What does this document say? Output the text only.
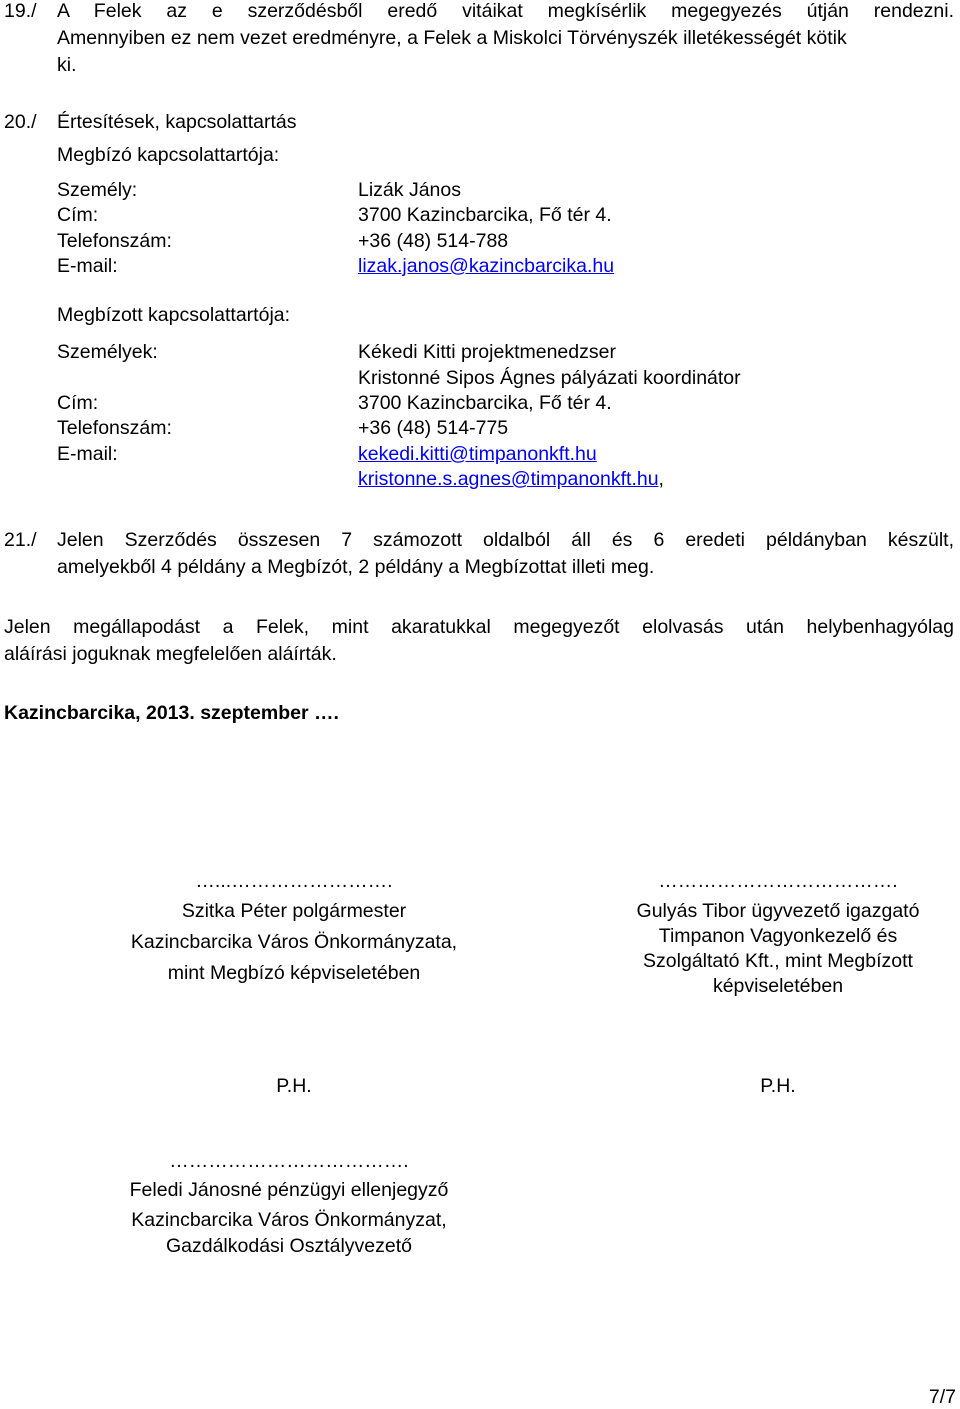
19./ A Felek az e szerződésből eredő vitáikat megkísérlik megegyezés útján rendezni.
Amennyiben ez nem vezet eredményre, a Felek a Miskolci Törvényszék illetékességét kötik
ki.
20./ Értesítések, kapcsolattartás
Megbízó kapcsolattartója:
Személy:	Lizák János
Cím:	3700 Kazincbarcika, Fő tér 4.
Telefonszám:	+36 (48) 514-788
E-mail:	lizak.janos@kazincbarcika.hu
Megbízott kapcsolattartója:
Személyek:	Kékedi Kitti projektmenedzser
Kristonné Sipos Ágnes pályázati koordinátor
Cím:	3700 Kazincbarcika, Fő tér 4.
Telefonszám:	+36 (48) 514-775
E-mail:	kekedi.kitti@timpanonkft.hu
kristonne.s.agnes@timpanonkft.hu,
21./ Jelen Szerződés összesen 7 számozott oldalból áll és 6 eredeti példányban készült,
amelyekből 4 példány a Megbízót, 2 példány a Megbízottat illeti meg.
Jelen megállapodást a Felek, mint akaratukkal megegyezőt elolvasás után helybenhagyólag
aláírási joguknak megfelelően aláírták.
Kazincbarcika, 2013. szeptember ….
…...…………………….
Szitka Péter polgármester
Kazincbarcika Város Önkormányzata,
mint Megbízó képviseletében
P.H.
……………………………….
Gulyás Tibor ügyvezető igazgató
Timpanon Vagyonkezelő és
Szolgáltató Kft., mint Megbízott
képviseletében
P.H.
……………………………….
Feledi Jánosné pénzügyi ellenjegyző
Kazincbarcika Város Önkormányzat,
Gazdálkodási Osztályvezető
7/7
